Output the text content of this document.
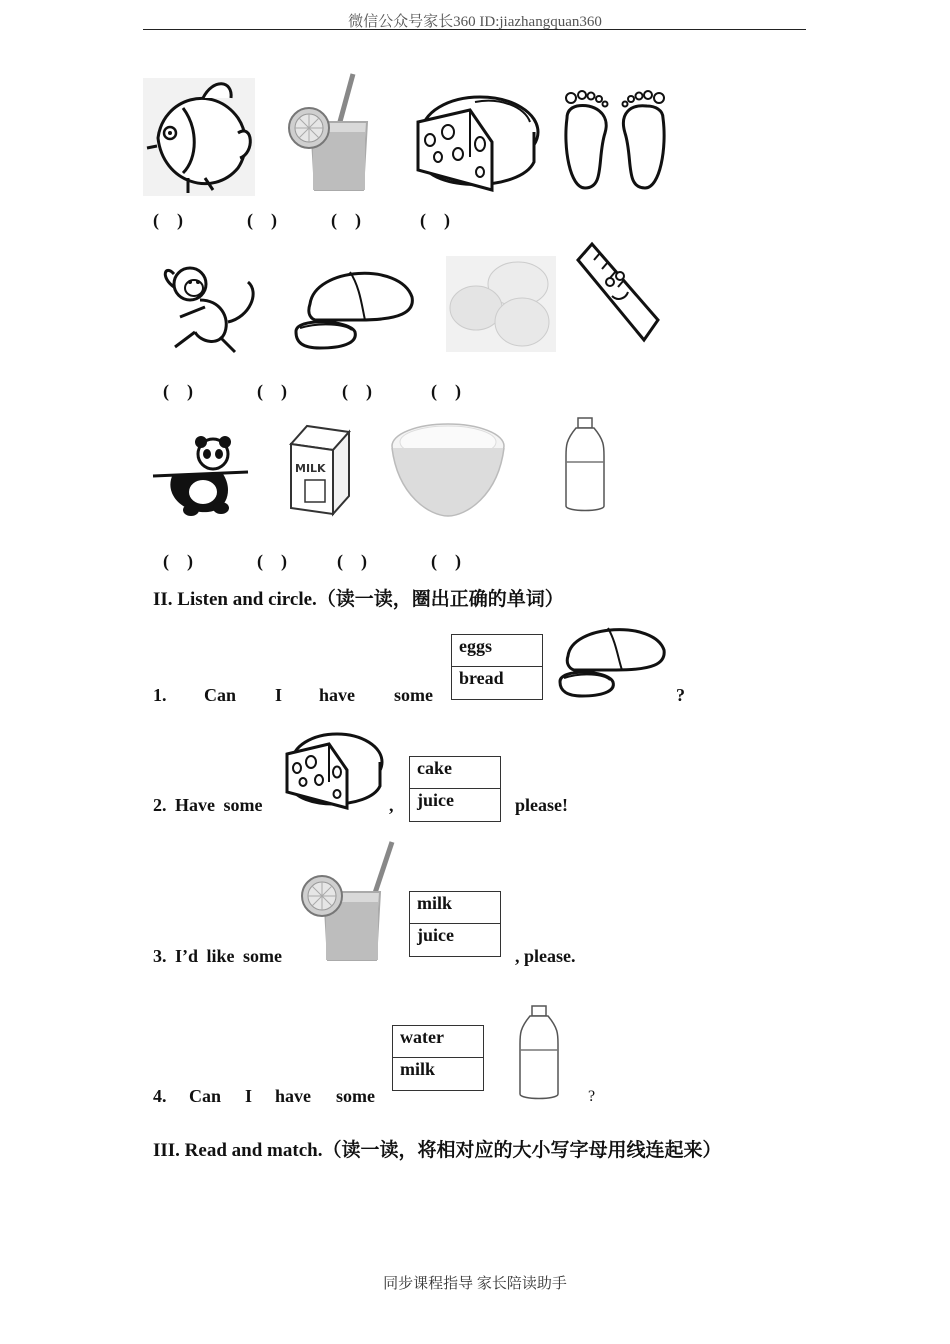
微信公众号家长360 ID:jiazhangquan360
(    )	(    )	(    )	(    )
(    )	(    )	(    )	(    )
MILK
(    )	(    )	(    )	(    )
II. Listen and circle.（读一读，圈出正确的单词）
1. Can I have some
eggs
bread
?
2. Have some	,
cake
juice	please!
3. I’d like some
milk
juice
, please.
4. Can I have some
water
milk
?
III. Read and match.（读一读，将相对应的大小写字母用线连起来）
同步课程指导 家长陪读助手
